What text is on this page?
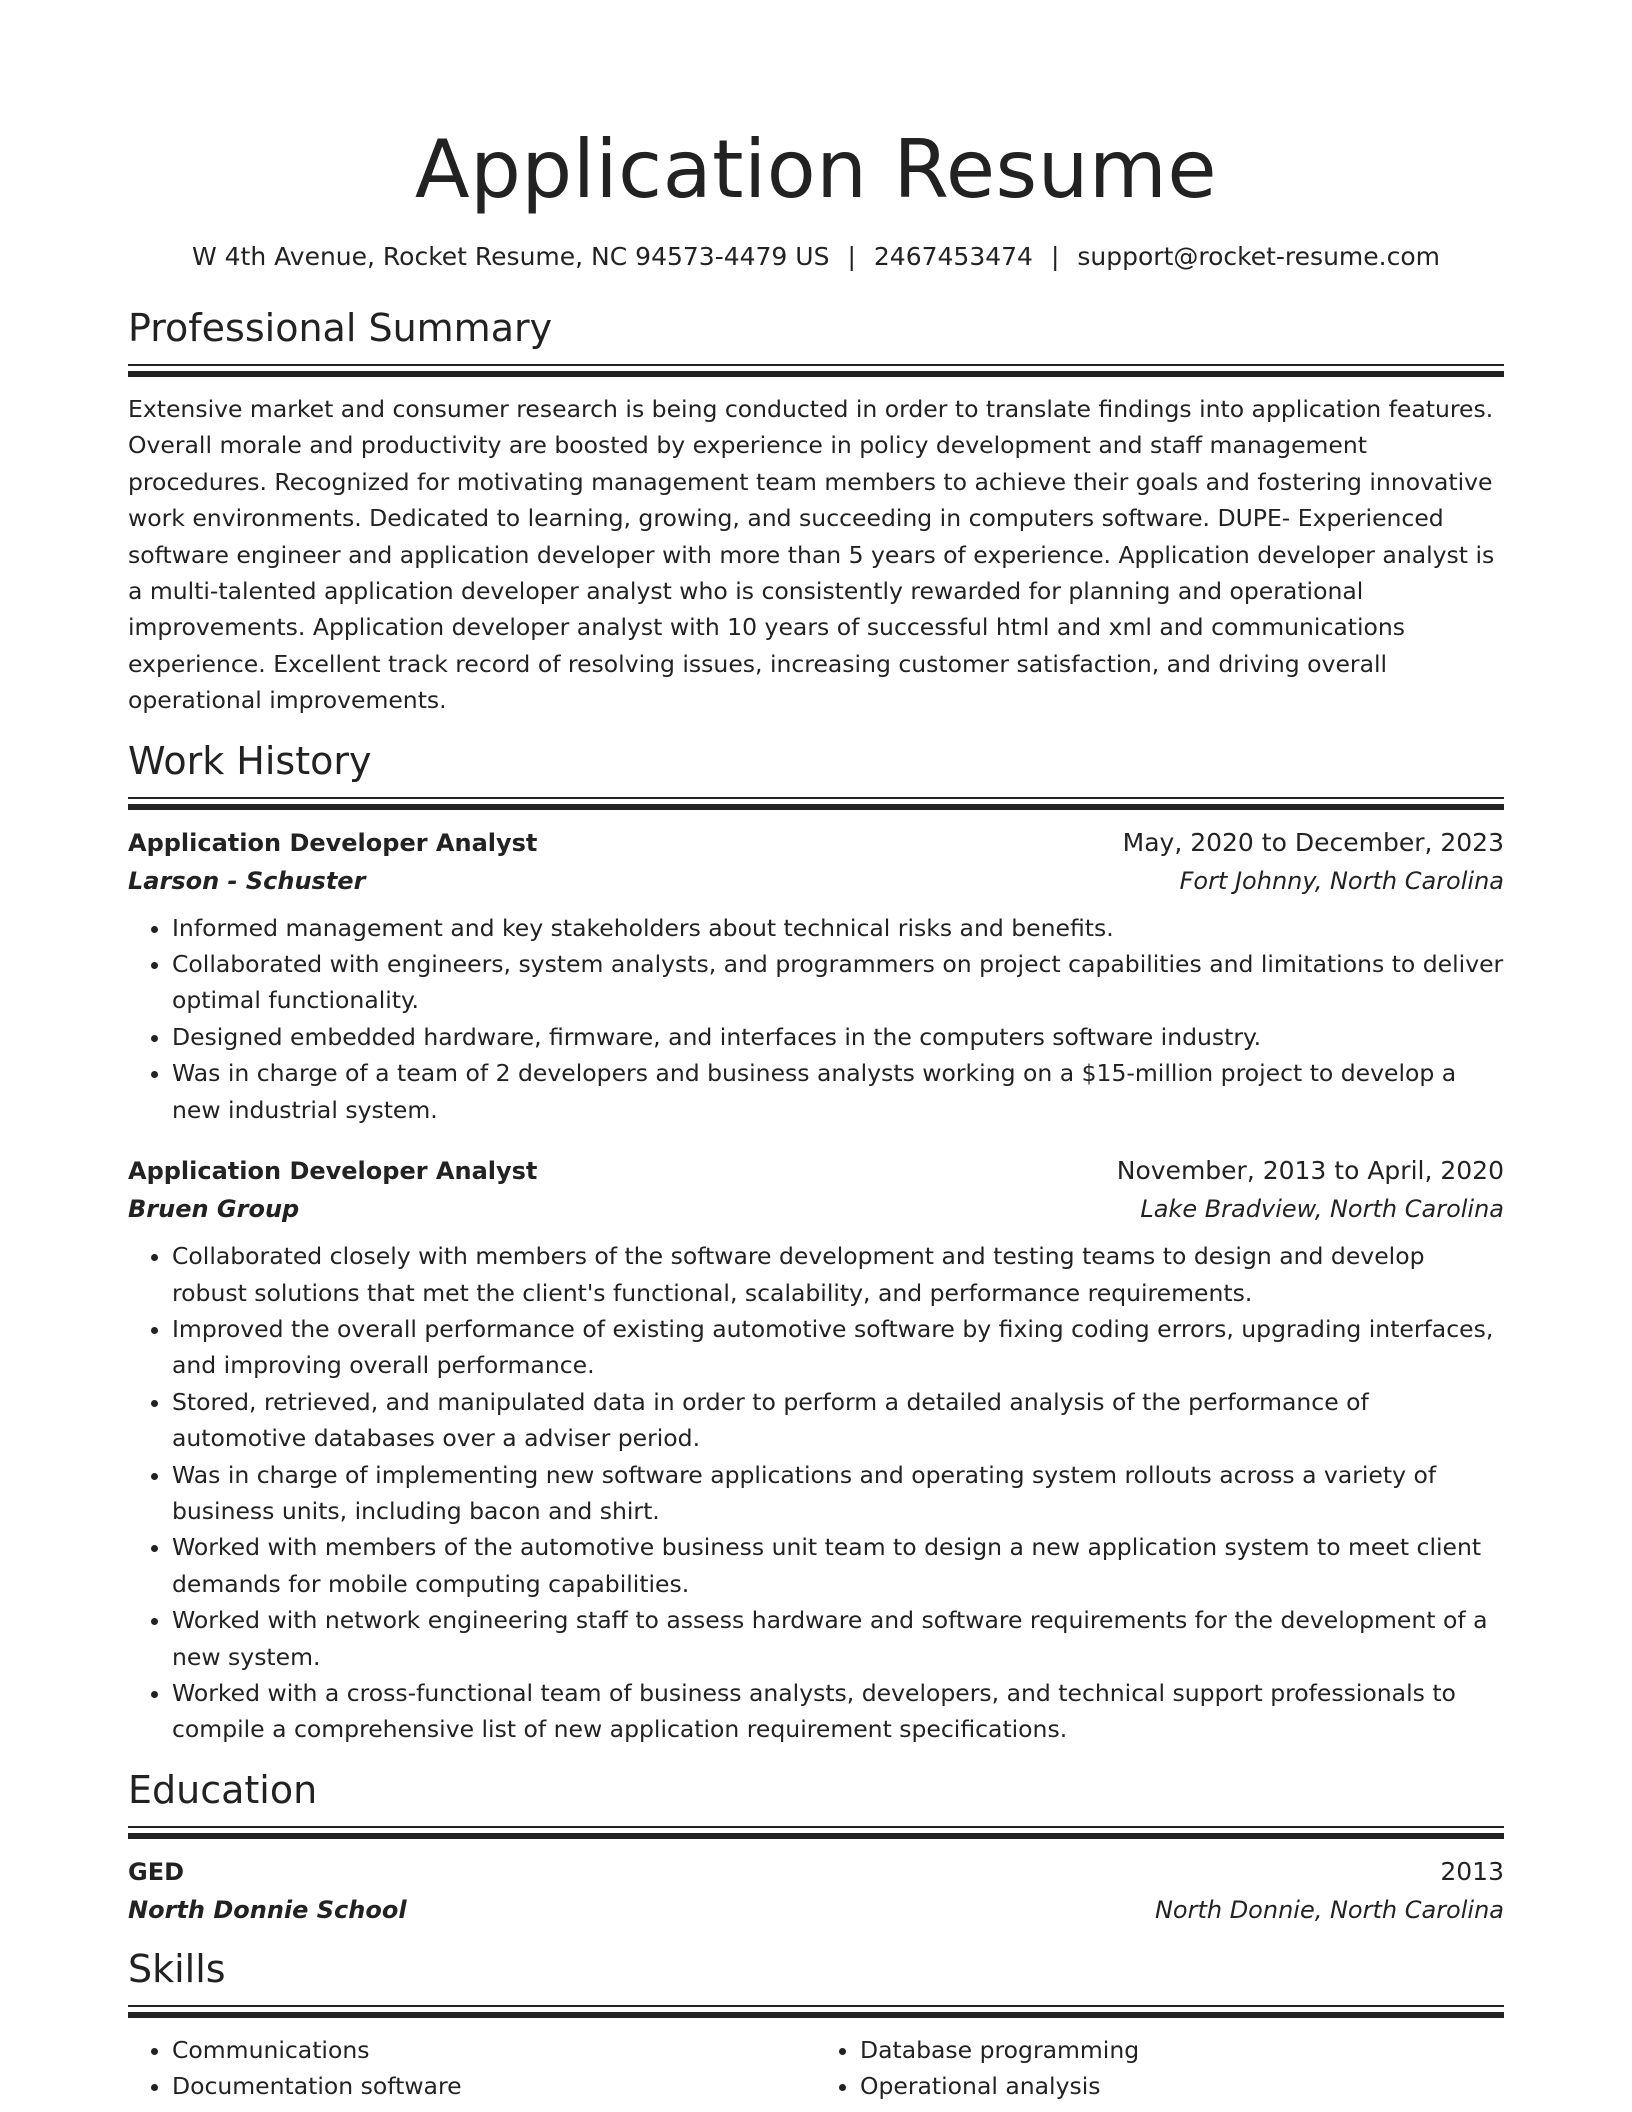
Application Resume
W 4th Avenue, Rocket Resume, NC 94573-4479 US | 2467453474 | support@rocket-resume.com
Professional Summary

Extensive market and consumer research is being conducted in order to translate findings into application features. Overall morale and productivity are boosted by experience in policy development and staff management procedures. Recognized for motivating management team members to achieve their goals and fostering innovative work environments. Dedicated to learning, growing, and succeeding in computers software. DUPE- Experienced software engineer and application developer with more than 5 years of experience. Application developer analyst is a multi-talented application developer analyst who is consistently rewarded for planning and operational improvements. Application developer analyst with 10 years of successful html and xml and communications experience. Excellent track record of resolving issues, increasing customer satisfaction, and driving overall operational improvements.

Work History
Application Developer Analyst	May, 2020 to December, 2023
Larson - Schuster	Fort Johnny, North Carolina
• Informed management and key stakeholders about technical risks and benefits.
• Collaborated with engineers, system analysts, and programmers on project capabilities and limitations to deliver optimal functionality.
• Designed embedded hardware, firmware, and interfaces in the computers software industry.
• Was in charge of a team of 2 developers and business analysts working on a $15-million project to develop a new industrial system.
Application Developer Analyst	November, 2013 to April, 2020
Bruen Group	Lake Bradview, North Carolina
• Collaborated closely with members of the software development and testing teams to design and develop robust solutions that met the client's functional, scalability, and performance requirements.
• Improved the overall performance of existing automotive software by fixing coding errors, upgrading interfaces, and improving overall performance.
• Stored, retrieved, and manipulated data in order to perform a detailed analysis of the performance of automotive databases over a adviser period.
• Was in charge of implementing new software applications and operating system rollouts across a variety of business units, including bacon and shirt.
• Worked with members of the automotive business unit team to design a new application system to meet client demands for mobile computing capabilities.
• Worked with network engineering staff to assess hardware and software requirements for the development of a new system.
• Worked with a cross-functional team of business analysts, developers, and technical support professionals to compile a comprehensive list of new application requirement specifications.
Education
GED	2013
North Donnie School	North Donnie, North Carolina
Skills
• Communications
• Documentation software
• Database programming
• Operational analysis
